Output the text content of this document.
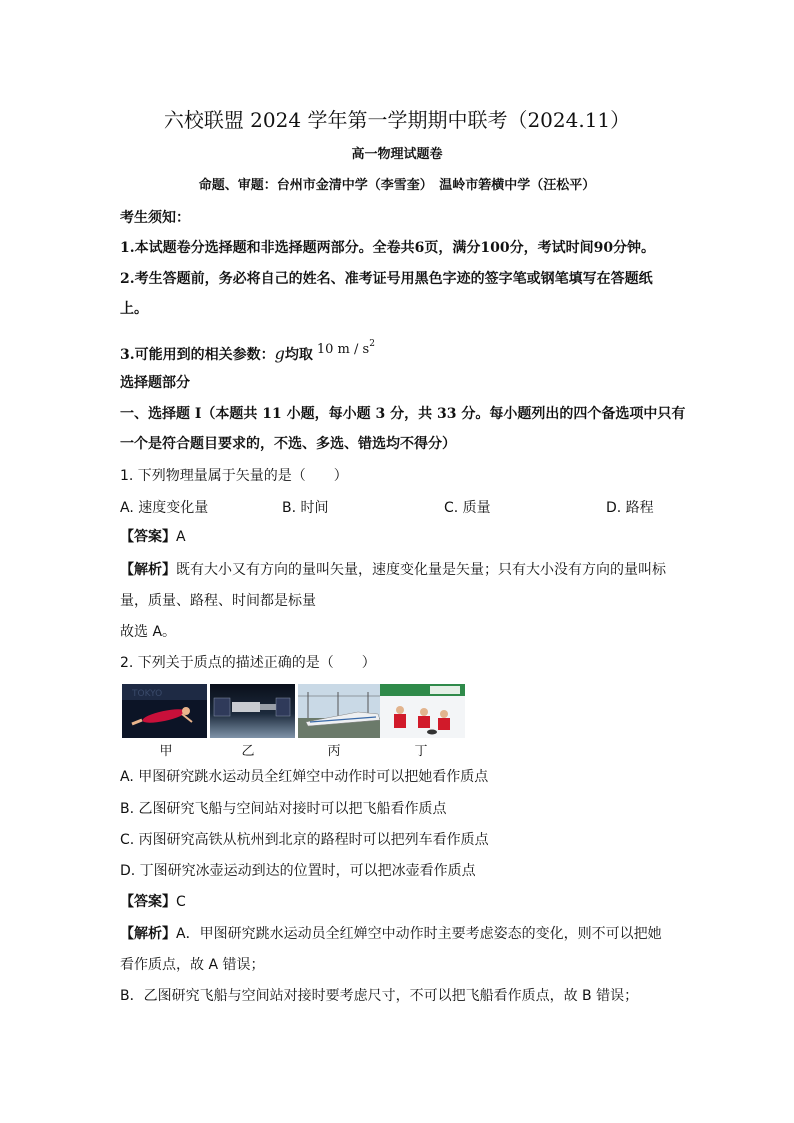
六校联盟 2024 学年第一学期期中联考（2024.11）
高一物理试题卷
命题、审题：台州市金清中学（李雪奎）　温岭市箬横中学（汪松平）
考生须知：
1.本试题卷分选择题和非选择题两部分。全卷共6页，满分100分，考试时间90分钟。
2.考生答题前，务必将自己的姓名、准考证号用黑色字迹的签字笔或钢笔填写在答题纸
上。
3.可能用到的相关参数：g均取 10 m / $s^2$
选择题部分
一、选择题 I（本题共 11 小题，每小题 3 分，共 33 分。每小题列出的四个备选项中只有
一个是符合题目要求的，不选、多选、错选均不得分）
1. 下列物理量属于矢量的是（　　）
A. 速度变化量	B. 时间	C. 质量	D. 路程
【答案】A
【解析】既有大小又有方向的量叫矢量，速度变化量是矢量；只有大小没有方向的量叫标
量，质量、路程、时间都是标量
故选 A。
2. 下列关于质点的描述正确的是（　　）
TOKYO
甲	乙	丙	丁
A. 甲图研究跳水运动员全红婵空中动作时可以把她看作质点
B. 乙图研究飞船与空间站对接时可以把飞船看作质点
C. 丙图研究高铁从杭州到北京的路程时可以把列车看作质点
D. 丁图研究冰壶运动到达的位置时，可以把冰壶看作质点
【答案】C
【解析】A．甲图研究跳水运动员全红婵空中动作时主要考虑姿态的变化，则不可以把她
看作质点，故 A 错误；
B．乙图研究飞船与空间站对接时要考虑尺寸，不可以把飞船看作质点，故 B 错误；
